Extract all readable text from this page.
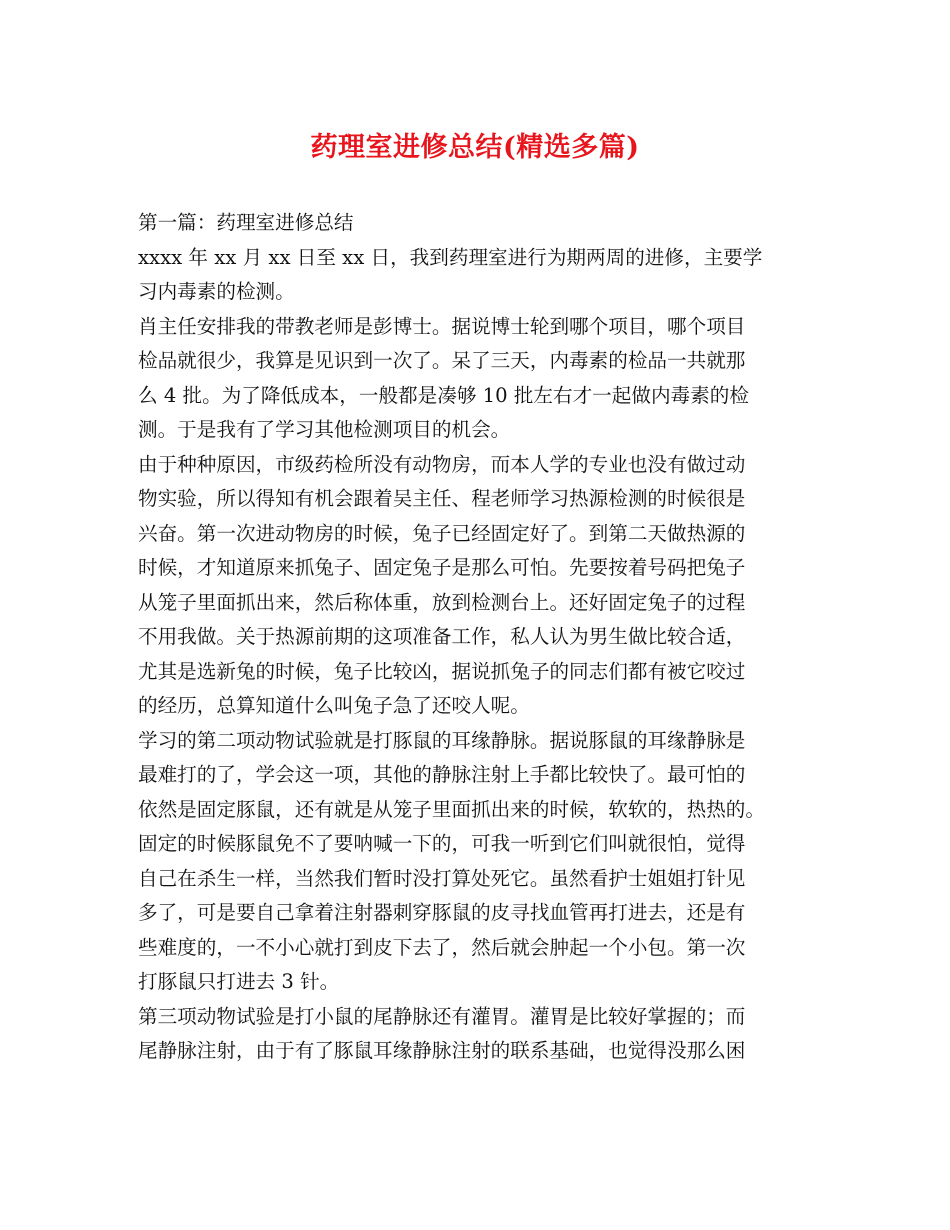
药理室进修总结(精选多篇)
第一篇：药理室进修总结
xxxx 年 xx 月 xx 日至 xx 日，我到药理室进行为期两周的进修，主要学
习内毒素的检测。
肖主任安排我的带教老师是彭博士。据说博士轮到哪个项目，哪个项目
检品就很少，我算是见识到一次了。呆了三天，内毒素的检品一共就那
么 4 批。为了降低成本，一般都是凑够 10 批左右才一起做内毒素的检
测。于是我有了学习其他检测项目的机会。
由于种种原因，市级药检所没有动物房，而本人学的专业也没有做过动
物实验，所以得知有机会跟着吴主任、程老师学习热源检测的时候很是
兴奋。第一次进动物房的时候，兔子已经固定好了。到第二天做热源的
时候，才知道原来抓兔子、固定兔子是那么可怕。先要按着号码把兔子
从笼子里面抓出来，然后称体重，放到检测台上。还好固定兔子的过程
不用我做。关于热源前期的这项准备工作，私人认为男生做比较合适，
尤其是选新兔的时候，兔子比较凶，据说抓兔子的同志们都有被它咬过
的经历，总算知道什么叫兔子急了还咬人呢。
学习的第二项动物试验就是打豚鼠的耳缘静脉。据说豚鼠的耳缘静脉是
最难打的了，学会这一项，其他的静脉注射上手都比较快了。最可怕的
依然是固定豚鼠，还有就是从笼子里面抓出来的时候，软软的，热热的。
固定的时候豚鼠免不了要呐喊一下的，可我一听到它们叫就很怕，觉得
自己在杀生一样，当然我们暂时没打算处死它。虽然看护士姐姐打针见
多了，可是要自己拿着注射器刺穿豚鼠的皮寻找血管再打进去，还是有
些难度的，一不小心就打到皮下去了，然后就会肿起一个小包。第一次
打豚鼠只打进去 3 针。
第三项动物试验是打小鼠的尾静脉还有灌胃。灌胃是比较好掌握的；而
尾静脉注射，由于有了豚鼠耳缘静脉注射的联系基础，也觉得没那么困
